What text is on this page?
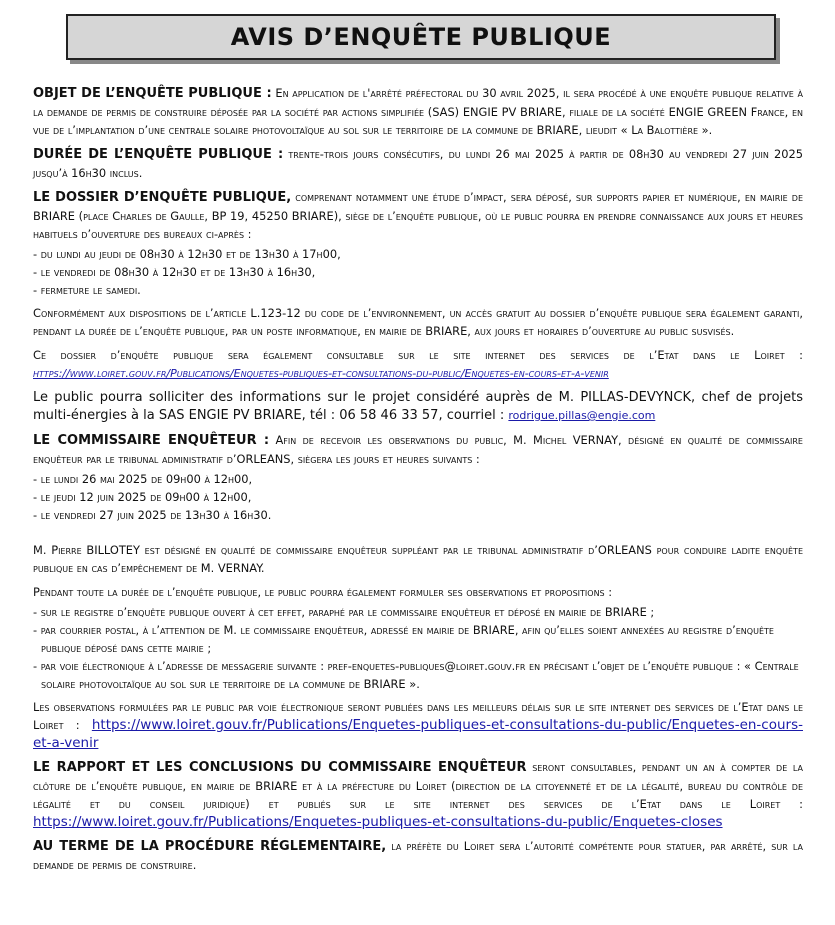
AVIS D’ENQUÊTE PUBLIQUE

OBJET DE L’ENQUÊTE PUBLIQUE : En application de l'arrêté préfectoral du 30 avril 2025, il sera procédé à une enquête publique relative à la demande de permis de construire déposée par la société par actions simplifiée (SAS) ENGIE PV BRIARE, filiale de la société ENGIE GREEN France, en vue de l’implantation d’une centrale solaire photovoltaïque au sol sur le territoire de la commune de BRIARE, lieudit « La Balottière ».

DURÉE DE L’ENQUÊTE PUBLIQUE : trente-trois jours consécutifs, du lundi 26 mai 2025 à partir de 08h30 au vendredi 27 juin 2025 jusqu’à 16h30 inclus.

LE DOSSIER D’ENQUÊTE PUBLIQUE, comprenant notamment une étude d’impact, sera déposé, sur supports papier et numérique, en mairie de BRIARE (place Charles de Gaulle, BP 19, 45250 BRIARE), siège de l’enquête publique, où le public pourra en prendre connaissance aux jours et heures habituels d’ouverture des bureaux ci-après :

- du lundi au jeudi de 08h30 à 12h30 et de 13h30 à 17h00,
- le vendredi de 08h30 à 12h30 et de 13h30 à 16h30,
- fermeture le samedi.

Conformément aux dispositions de l’article L.123-12 du code de l’environnement, un accès gratuit au dossier d’enquête publique sera également garanti, pendant la durée de l’enquête publique, par un poste informatique, en mairie de BRIARE, aux jours et horaires d’ouverture au public susvisés.

Ce dossier d’enquête publique sera également consultable sur le site internet des services de l’Etat dans le Loiret : https://www.loiret.gouv.fr/Publications/Enquetes-publiques-et-consultations-du-public/Enquetes-en-cours-et-a-venir

Le public pourra solliciter des informations sur le projet considéré auprès de M. PILLAS-DEVYNCK, chef de projets multi-énergies à la SAS ENGIE PV BRIARE, tél : 06 58 46 33 57, courriel : rodrigue.pillas@engie.com

LE COMMISSAIRE ENQUÊTEUR : Afin de recevoir les observations du public, M. Michel VERNAY, désigné en qualité de commissaire enquêteur par le tribunal administratif d’ORLEANS, siègera les jours et heures suivants :

- le lundi 26 mai 2025 de 09h00 à 12h00,
- le jeudi 12 juin 2025 de 09h00 à 12h00,
- le vendredi 27 juin 2025 de 13h30 à 16h30.

M. Pierre BILLOTEY est désigné en qualité de commissaire enquêteur suppléant par le tribunal administratif d’ORLEANS pour conduire ladite enquête publique en cas d’empêchement de M. VERNAY.

Pendant toute la durée de l’enquête publique, le public pourra également formuler ses observations et propositions :

- sur le registre d’enquête publique ouvert à cet effet, paraphé par le commissaire enquêteur et déposé en mairie de BRIARE ;
- par courrier postal, à l’attention de M. le commissaire enquêteur, adressé en mairie de BRIARE, afin qu’elles soient annexées au registre d’enquête publique déposé dans cette mairie ;
- par voie électronique à l’adresse de messagerie suivante : pref-enquetes-publiques@loiret.gouv.fr en précisant l’objet de l’enquête publique : « Centrale solaire photovoltaïque au sol sur le territoire de la commune de BRIARE ».

Les observations formulées par le public par voie électronique seront publiées dans les meilleurs délais sur le site internet des services de l’Etat dans le Loiret : https://www.loiret.gouv.fr/Publications/Enquetes-publiques-et-consultations-du-public/Enquetes-en-cours-et-a-venir

LE RAPPORT ET LES CONCLUSIONS DU COMMISSAIRE ENQUÊTEUR seront consultables, pendant un an à compter de la clôture de l’enquête publique, en mairie de BRIARE et à la préfecture du Loiret (direction de la citoyenneté et de la légalité, bureau du contrôle de légalité et du conseil juridique) et publiés sur le site internet des services de l’Etat dans le Loiret : https://www.loiret.gouv.fr/Publications/Enquetes-publiques-et-consultations-du-public/Enquetes-closes

AU TERME DE LA PROCÉDURE RÉGLEMENTAIRE, la préfète du Loiret sera l’autorité compétente pour statuer, par arrêté, sur la demande de permis de construire.
